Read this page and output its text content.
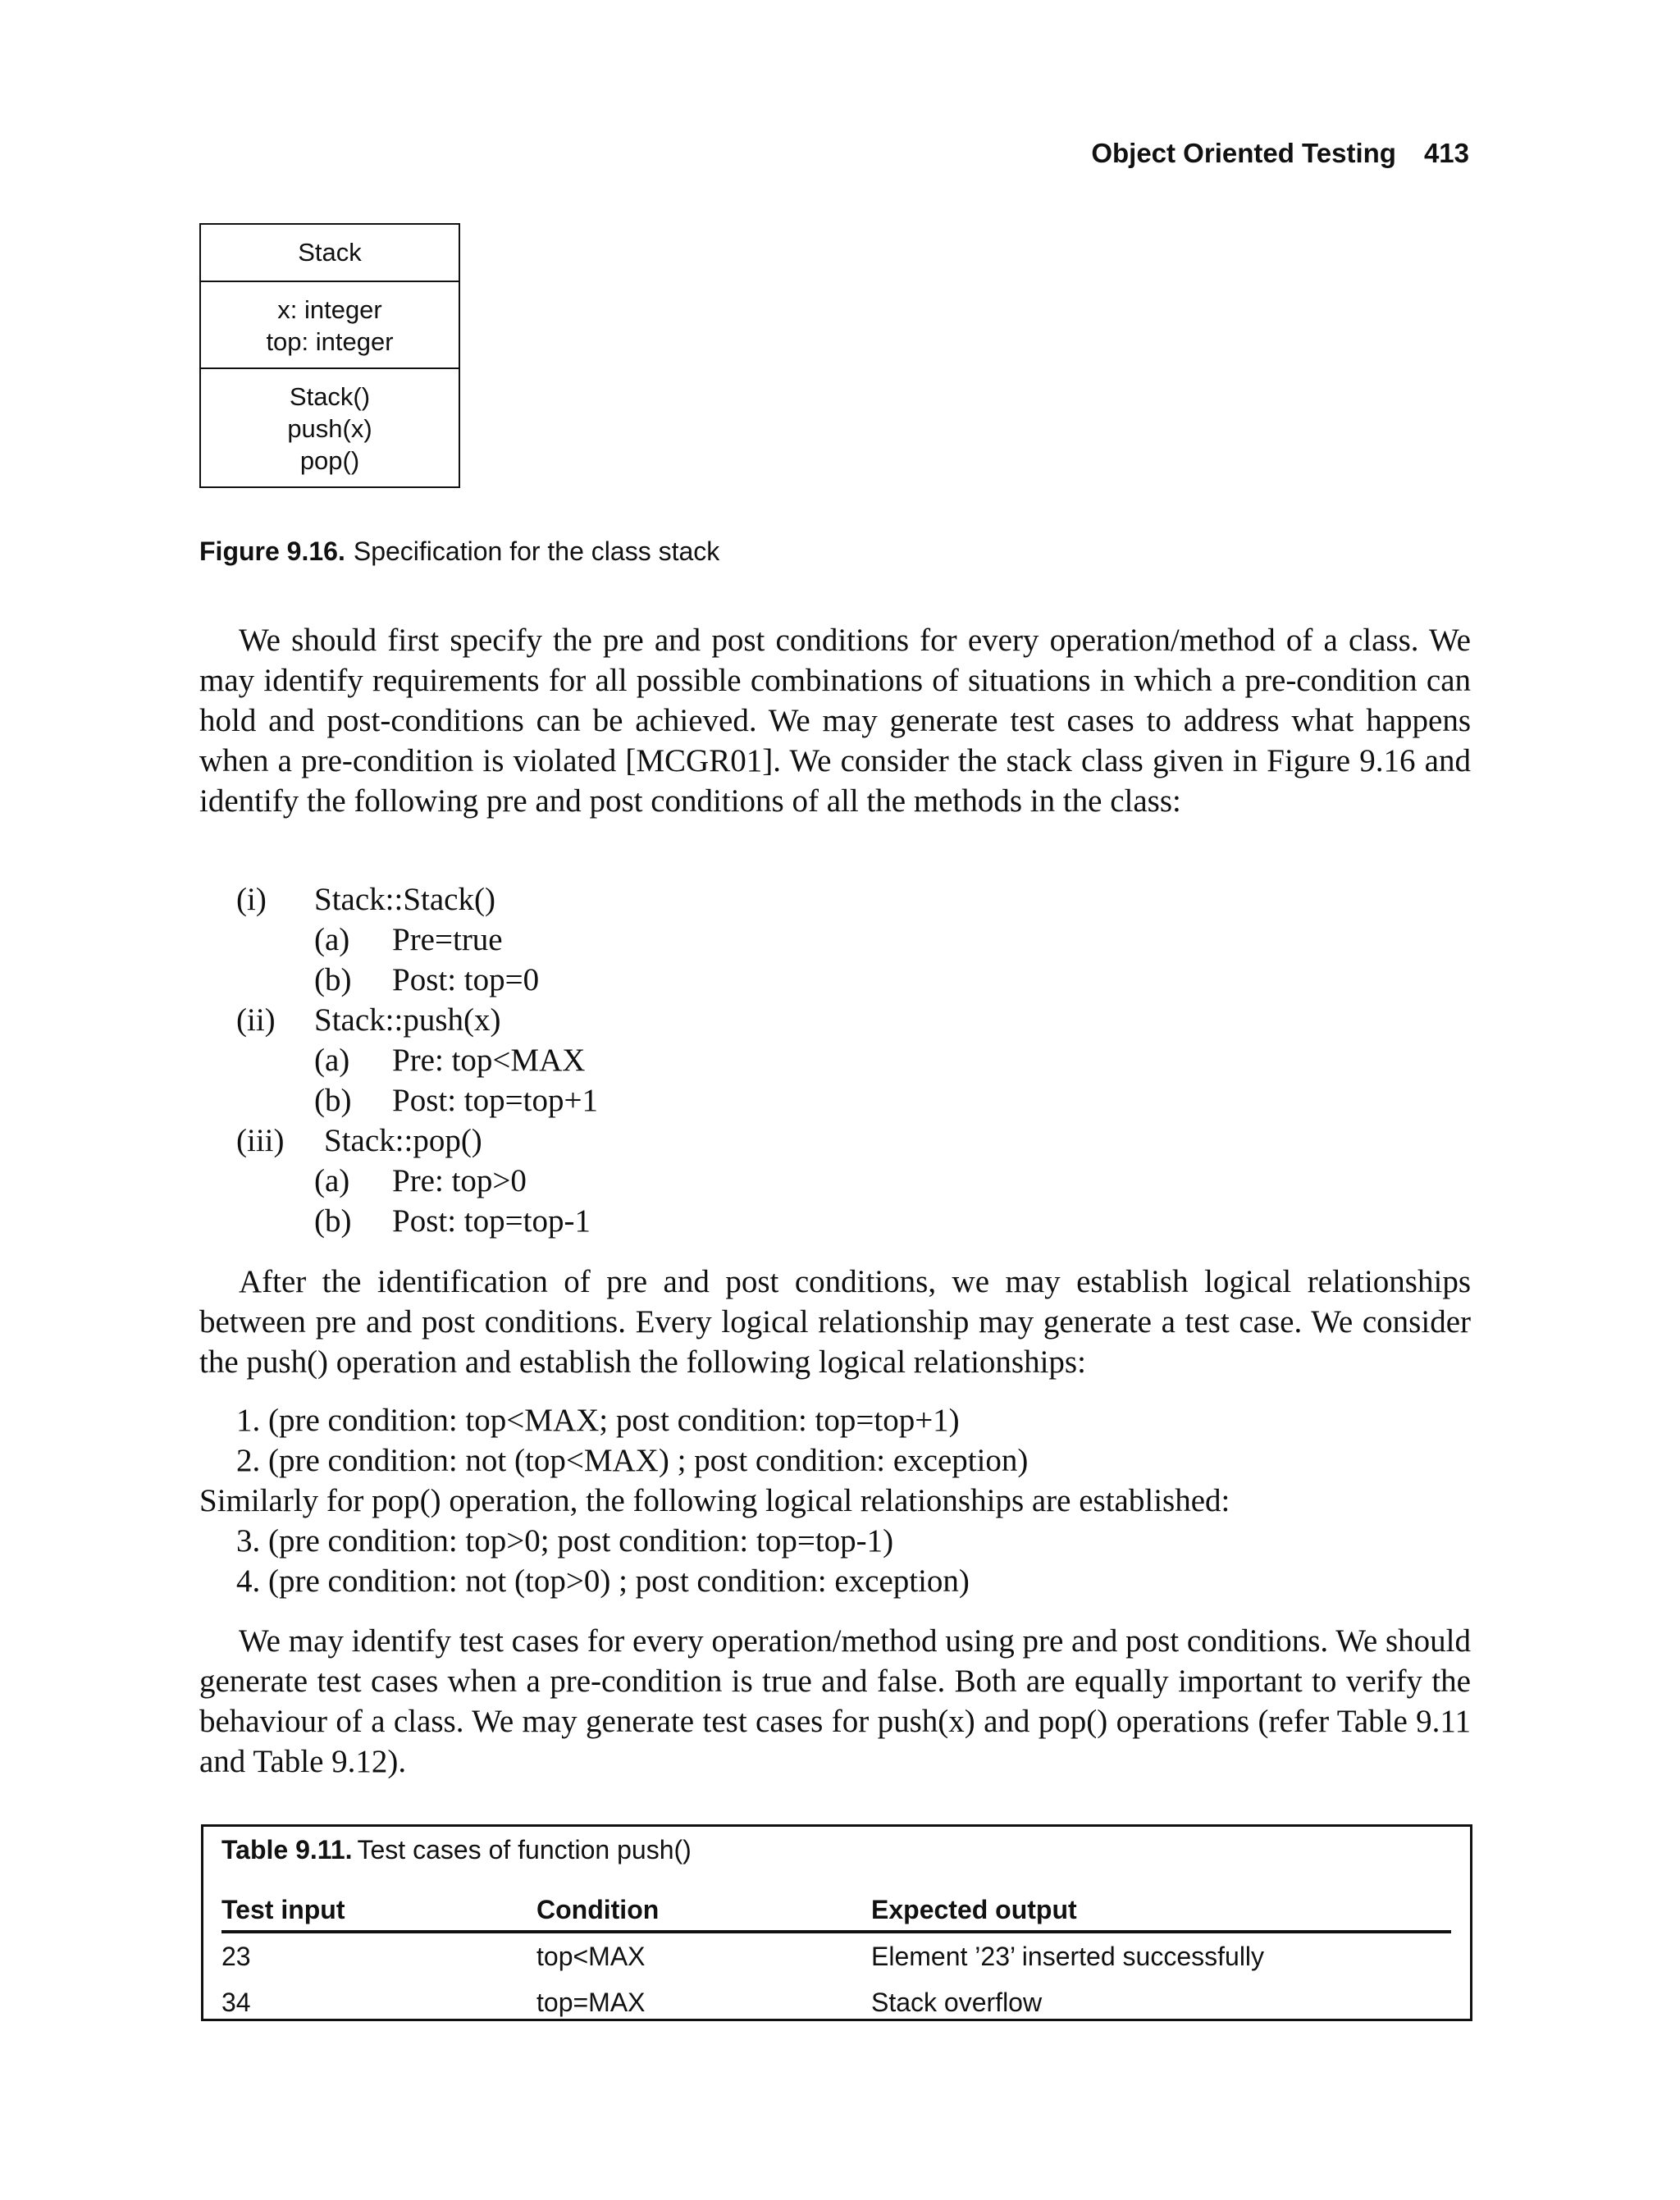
Object Oriented Testing 413
Stack
x: integer
top: integer
Stack()
push(x)
pop()
Figure 9.16. Specification for the class stack

We should first specify the pre and post conditions for every operation/method of a class. We may identify requirements for all possible combinations of situations in which a pre-condition can hold and post-conditions can be achieved. We may generate test cases to address what happens when a pre-condition is violated [MCGR01]. We consider the stack class given in Figure 9.16 and identify the following pre and post conditions of all the methods in the class:

(i) Stack::Stack()
(a) Pre=true
(b) Post: top=0
(ii) Stack::push(x)
(a) Pre: top<MAX
(b) Post: top=top+1
(iii) Stack::pop()
(a) Pre: top>0
(b) Post: top=top-1

After the identification of pre and post conditions, we may establish logical relationships between pre and post conditions. Every logical relationship may generate a test case. We consider the push() operation and establish the following logical relationships:

1. (pre condition: top<MAX; post condition: top=top+1)
2. (pre condition: not (top<MAX) ; post condition: exception)
Similarly for pop() operation, the following logical relationships are established:
3. (pre condition: top>0; post condition: top=top-1)
4. (pre condition: not (top>0) ; post condition: exception)

We may identify test cases for every operation/method using pre and post conditions. We should generate test cases when a pre-condition is true and false. Both are equally important to verify the behaviour of a class. We may generate test cases for push(x) and pop() operations (refer Table 9.11 and Table 9.12).

Table 9.11. Test cases of function push()
Test input	Condition	Expected output
23	top<MAX	Element ’23’ inserted successfully
34	top=MAX	Stack overflow
